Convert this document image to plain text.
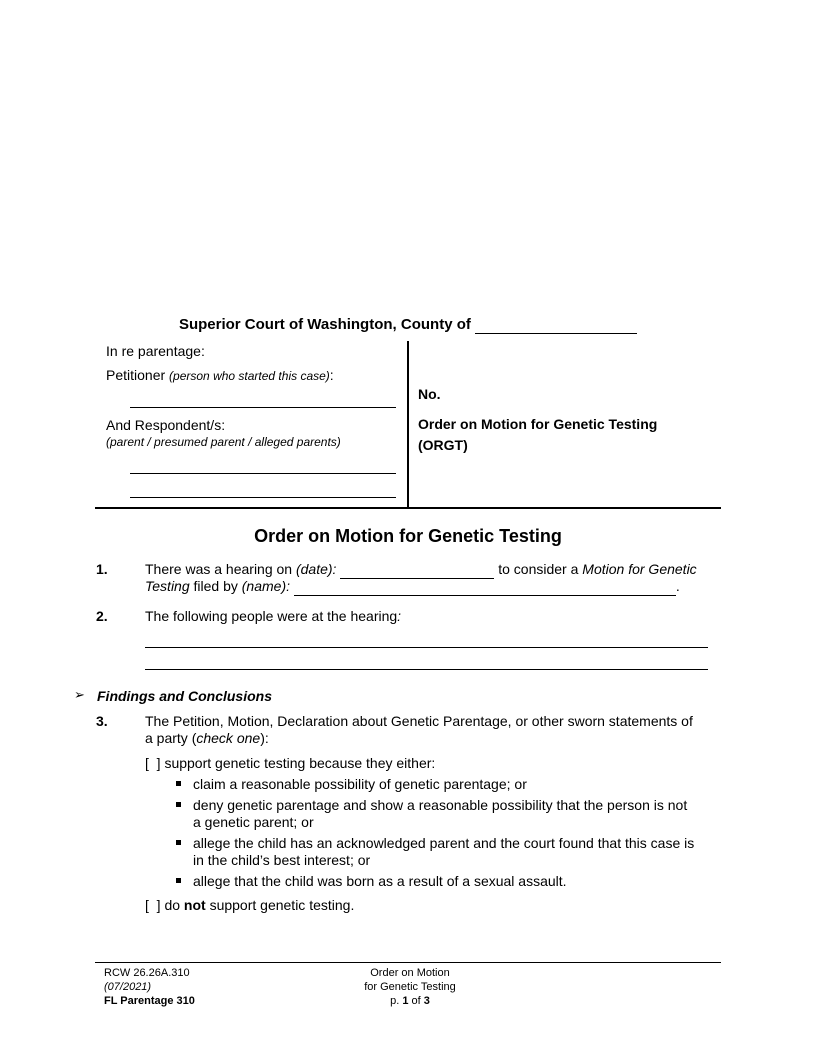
Superior Court of Washington, County of
In re parentage:
Petitioner (person who started this case):
And Respondent/s:
(parent / presumed parent / alleged parents)
No.
Order on Motion for Genetic Testing
(ORGT)
Order on Motion for Genetic Testing
1.	There was a hearing on (date):	to consider a Motion for Genetic
Testing filed by (name):	.
2.	The following people were at the hearing:
➢ Findings and Conclusions
3.	The Petition, Motion, Declaration about Genetic Parentage, or other sworn statements of
a party (check one):
[  ] support genetic testing because they either:
claim a reasonable possibility of genetic parentage; or
deny genetic parentage and show a reasonable possibility that the person is not
a genetic parent; or
allege the child has an acknowledged parent and the court found that this case is
in the child’s best interest; or
allege that the child was born as a result of a sexual assault.
[  ] do not support genetic testing.
RCW 26.26A.310
(07/2021)
FL Parentage 310
Order on Motion
for Genetic Testing
p. 1 of 3
